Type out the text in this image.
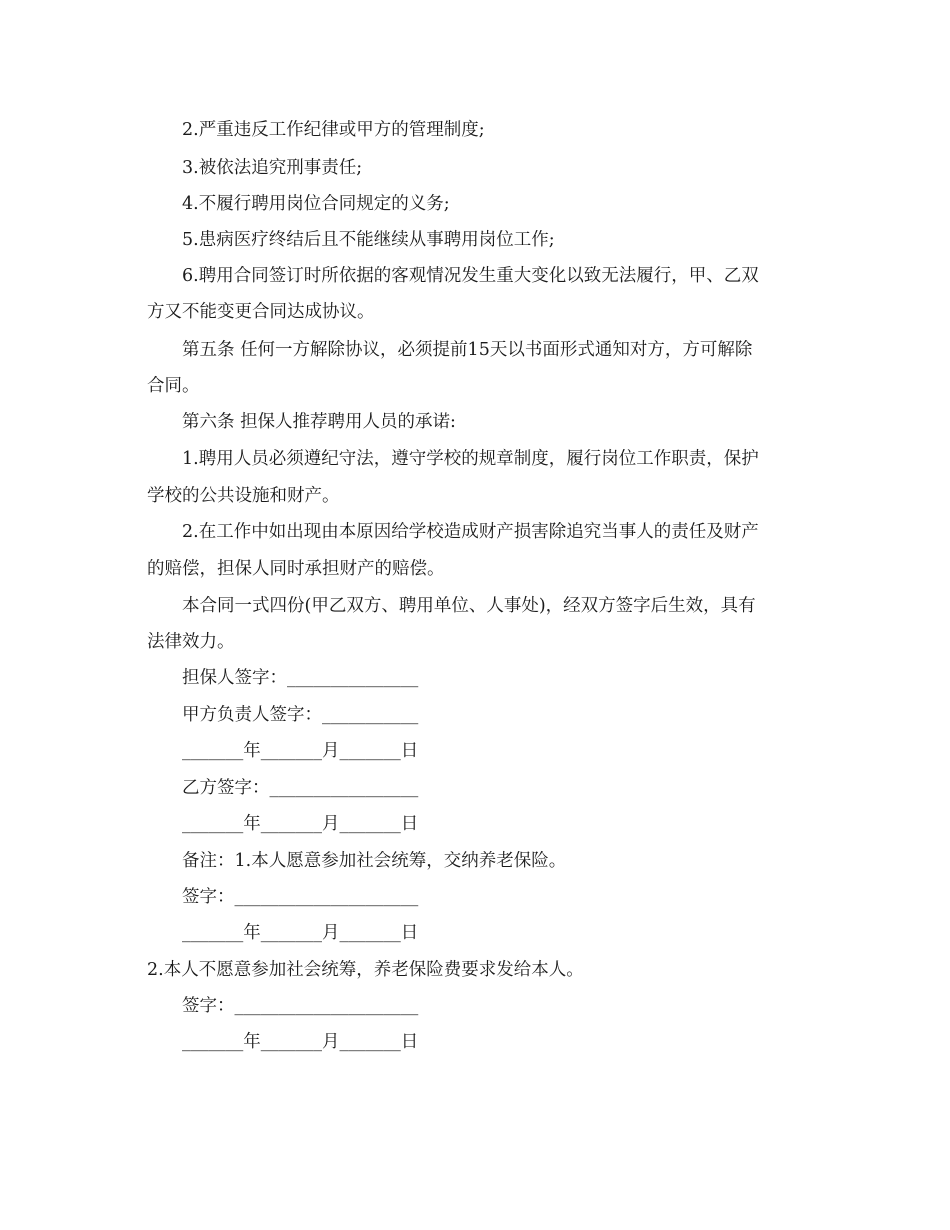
2.严重违反工作纪律或甲方的管理制度;
3.被依法追究刑事责任;
4.不履行聘用岗位合同规定的义务;
5.患病医疗终结后且不能继续从事聘用岗位工作;
6.聘用合同签订时所依据的客观情况发生重大变化以致无法履行，甲、乙双
方又不能变更合同达成协议。
第五条 任何一方解除协议，必须提前15天以书面形式通知对方，方可解除
合同。
第六条 担保人推荐聘用人员的承诺:
1.聘用人员必须遵纪守法，遵守学校的规章制度，履行岗位工作职责，保护
学校的公共设施和财产。
2.在工作中如出现由本原因给学校造成财产损害除追究当事人的责任及财产
的赔偿，担保人同时承担财产的赔偿。
本合同一式四份(甲乙双方、聘用单位、人事处)，经双方签字后生效，具有
法律效力。
担保人签字：_______________
甲方负责人签字：___________
_______年_______月_______日
乙方签字：_________________
_______年_______月_______日
备注：1.本人愿意参加社会统筹，交纳养老保险。
签字：_____________________
_______年_______月_______日
2.本人不愿意参加社会统筹，养老保险费要求发给本人。
签字：_____________________
_______年_______月_______日
